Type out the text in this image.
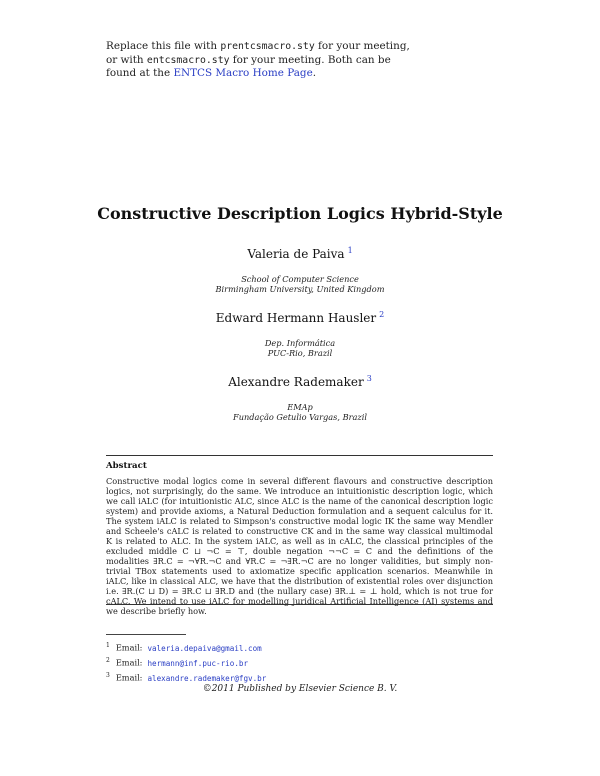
Replace this file with prentcsmacro.sty for your meeting,
or with entcsmacro.sty for your meeting. Both can be
found at the ENTCS Macro Home Page.
Constructive Description Logics Hybrid-Style
Valeria de Paiva $^1$
School of Computer Science
Birmingham University, United Kingdom
Edward Hermann Hausler $^2$
Dep. Informática
PUC-Rio, Brazil
Alexandre Rademaker $^3$
EMAp
Fundação Getulio Vargas, Brazil
Abstract

Constructive modal logics come in several different flavours and constructive description logics, not surprisingly, do the same. We introduce an intuitionistic description logic, which we call iALC (for intuitionistic ALC, since ALC is the name of the canonical description logic system) and provide axioms, a Natural Deduction formulation and a sequent calculus for it. The system iALC is related to Simpson's constructive modal logic IK the same way Mendler and Scheele's cALC is related to constructive CK and in the same way classical multimodal K is related to ALC. In the system iALC, as well as in cALC, the classical principles of the excluded middle C ⊔ ¬C = ⊤, double negation ¬¬C = C and the definitions of the modalities ∃R.C = ¬∀R.¬C and ∀R.C = ¬∃R.¬C are no longer validities, but simply non-trivial TBox statements used to axiomatize specific application scenarios. Meanwhile in iALC, like in classical ALC, we have that the distribution of existential roles over disjunction i.e. ∃R.(C ⊔ D) = ∃R.C ⊔ ∃R.D and (the nullary case) ∃R.⊥ = ⊥ hold, which is not true for cALC. We intend to use iALC for modelling juridical Artificial Intelligence (AI) systems and we describe briefly how.

$^1$ Email: valeria.depaiva@gmail.com
$^2$ Email: hermann@inf.puc-rio.br
$^3$ Email: alexandre.rademaker@fgv.br
©2011 Published by Elsevier Science B. V.
